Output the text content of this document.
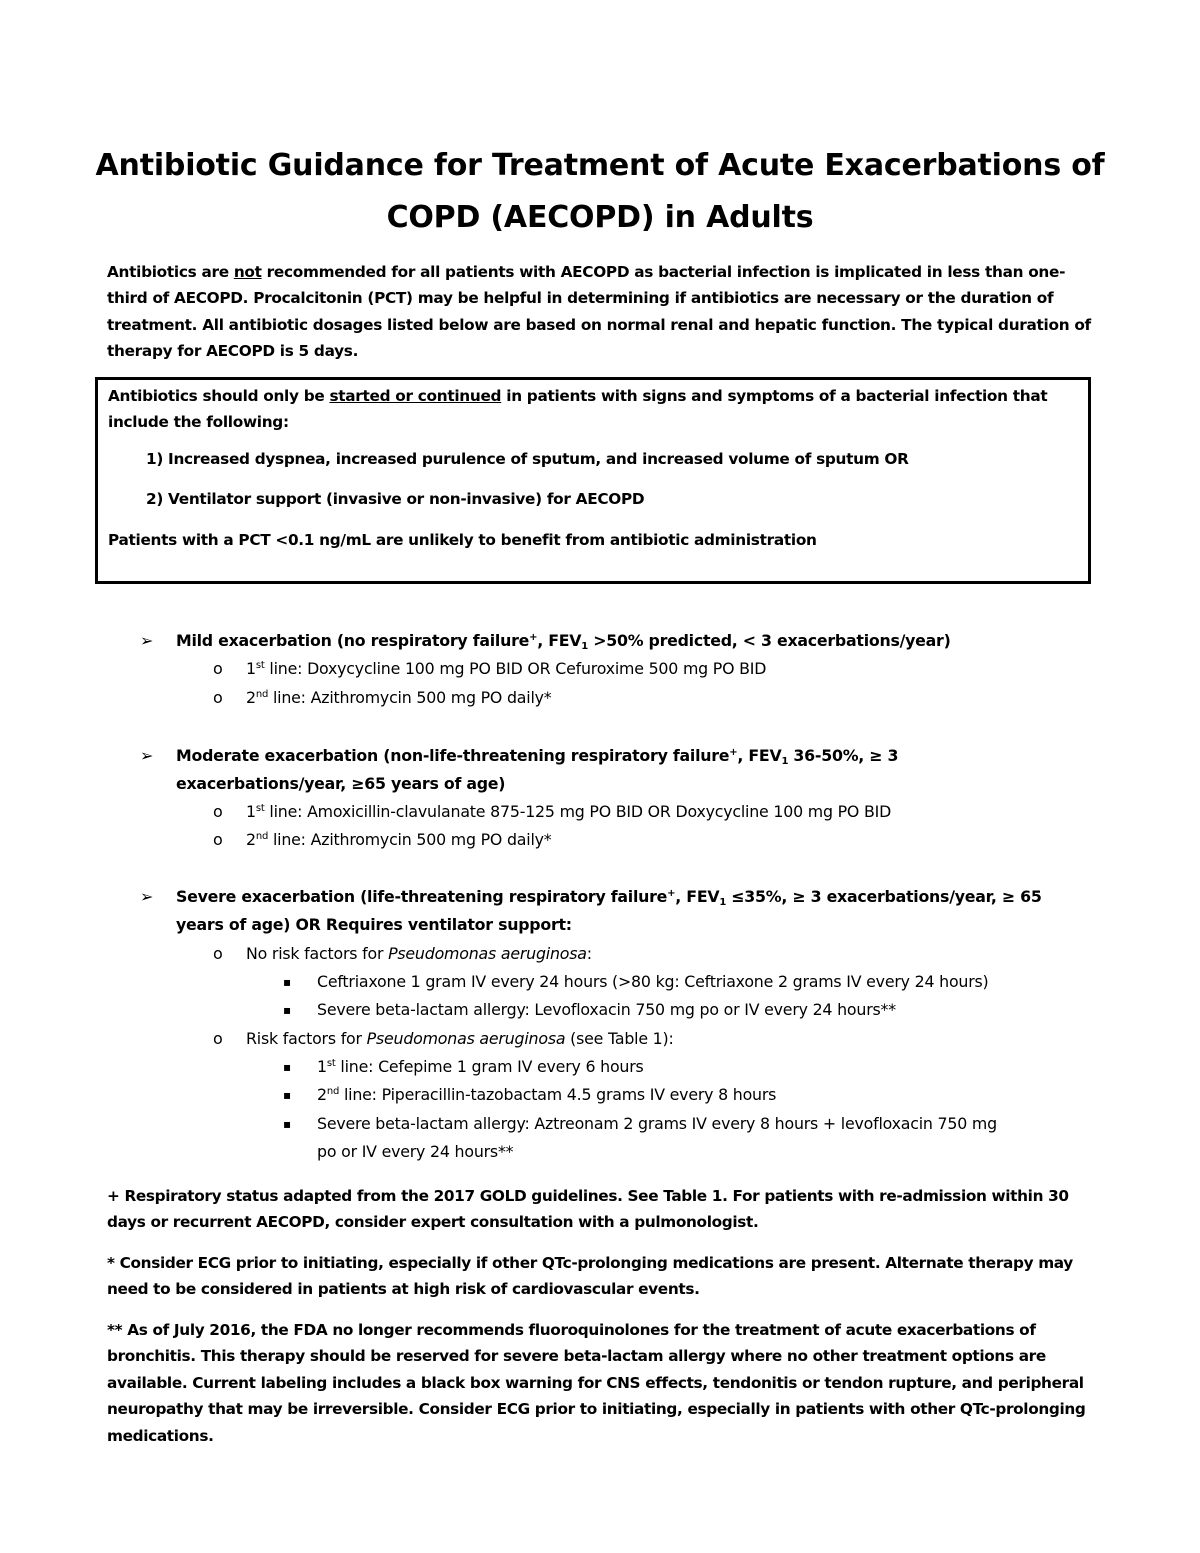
Antibiotic Guidance for Treatment of Acute Exacerbations of
COPD (AECOPD) in Adults

Antibiotics are not recommended for all patients with AECOPD as bacterial infection is implicated in less than one-third of AECOPD. Procalcitonin (PCT) may be helpful in determining if antibiotics are necessary or the duration of treatment. All antibiotic dosages listed below are based on normal renal and hepatic function. The typical duration of therapy for AECOPD is 5 days.

Antibiotics should only be started or continued in patients with signs and symptoms of a bacterial infection that include the following:

1) Increased dyspnea, increased purulence of sputum, and increased volume of sputum OR

2) Ventilator support (invasive or non-invasive) for AECOPD

Patients with a PCT <0.1 ng/mL are unlikely to benefit from antibiotic administration

➢ Mild exacerbation (no respiratory failure+, $FEV_1 >50\%$ predicted, < 3 exacerbations/year)
o 1st line: Doxycycline 100 mg PO BID OR Cefuroxime 500 mg PO BID
o 2nd line: Azithromycin 500 mg PO daily*
➢ Moderate exacerbation (non-life-threatening respiratory failure+, $FEV_1$ 36-50%, ≥ 3
exacerbations/year, ≥65 years of age)
o 1st line: Amoxicillin-clavulanate 875-125 mg PO BID OR Doxycycline 100 mg PO BID
o 2nd line: Azithromycin 500 mg PO daily*
➢ Severe exacerbation (life-threatening respiratory failure+, $FEV_1 \le 35\%$, ≥ 3 exacerbations/year, ≥ 65
years of age) OR Requires ventilator support:
o No risk factors for Pseudomonas aeruginosa:
▪ Ceftriaxone 1 gram IV every 24 hours (>80 kg: Ceftriaxone 2 grams IV every 24 hours)
▪ Severe beta-lactam allergy: Levofloxacin 750 mg po or IV every 24 hours**
o Risk factors for Pseudomonas aeruginosa (see Table 1):
▪ 1st line: Cefepime 1 gram IV every 6 hours
▪ 2nd line: Piperacillin-tazobactam 4.5 grams IV every 8 hours
▪ Severe beta-lactam allergy: Aztreonam 2 grams IV every 8 hours + levofloxacin 750 mg
po or IV every 24 hours**

+ Respiratory status adapted from the 2017 GOLD guidelines. See Table 1. For patients with re-admission within 30 days or recurrent AECOPD, consider expert consultation with a pulmonologist.

* Consider ECG prior to initiating, especially if other QTc-prolonging medications are present. Alternate therapy may need to be considered in patients at high risk of cardiovascular events.

** As of July 2016, the FDA no longer recommends fluoroquinolones for the treatment of acute exacerbations of bronchitis. This therapy should be reserved for severe beta-lactam allergy where no other treatment options are available. Current labeling includes a black box warning for CNS effects, tendonitis or tendon rupture, and peripheral neuropathy that may be irreversible. Consider ECG prior to initiating, especially in patients with other QTc-prolonging medications.
